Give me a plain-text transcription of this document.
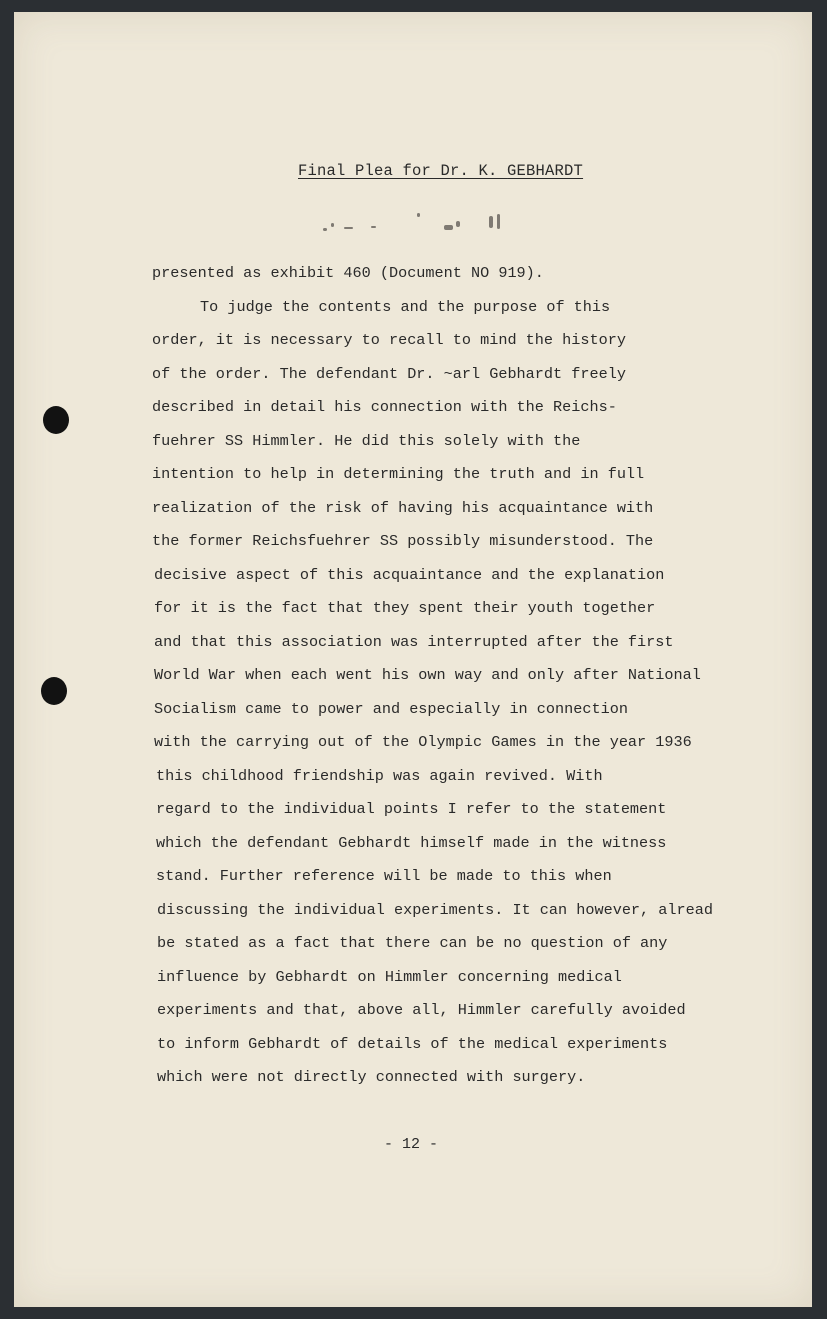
Final Plea for Dr. K. GEBHARDT
presented as exhibit 460 (Document NO 919).
To judge the contents and the purpose of this
order, it is necessary to recall to mind the history
of the order. The defendant Dr. ~arl Gebhardt freely
described in detail his connection with the Reichs-
fuehrer SS Himmler. He did this solely with the
intention to help in determining the truth and in full
realization of the risk of having his acquaintance with
the former Reichsfuehrer SS possibly misunderstood. The
decisive aspect of this acquaintance and the explanation
for it is the fact that they spent their youth together
and that this association was interrupted after the first
World War when each went his own way and only after National
Socialism came to power and especially in connection
with the carrying out of the Olympic Games in the year 1936
this childhood friendship was again revived. With
regard to the individual points I refer to the statement
which the defendant Gebhardt himself made in the witness
stand. Further reference will be made to this when
discussing the individual experiments. It can however, alread
be stated as a fact that there can be no question of any
influence by Gebhardt on Himmler concerning medical
experiments and that, above all, Himmler carefully avoided
to inform Gebhardt of details of the medical experiments
which were not directly connected with surgery.
- 12 -
